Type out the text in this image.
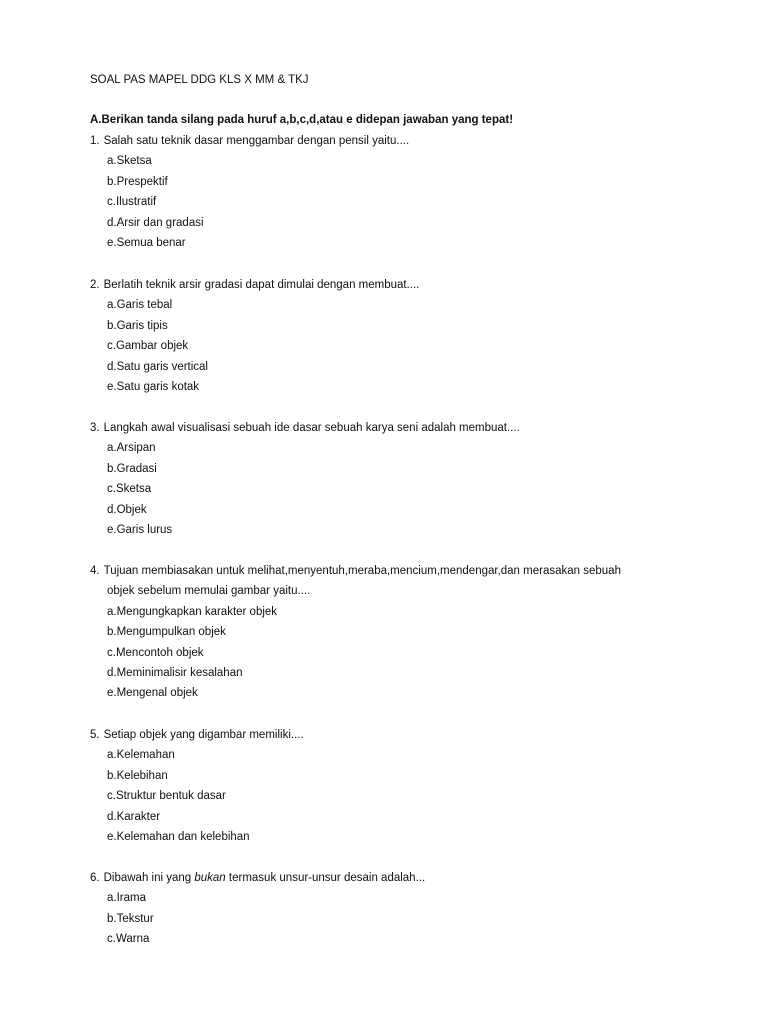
SOAL PAS MAPEL DDG KLS X MM & TKJ
A.Berikan tanda silang pada huruf a,b,c,d,atau e didepan jawaban yang tepat!
1. Salah satu teknik dasar menggambar dengan pensil yaitu....
a.Sketsa
b.Prespektif
c.Ilustratif
d.Arsir dan gradasi
e.Semua benar
2. Berlatih teknik arsir gradasi dapat dimulai dengan membuat....
a.Garis tebal
b.Garis tipis
c.Gambar objek
d.Satu garis vertical
e.Satu garis kotak
3. Langkah awal visualisasi sebuah ide dasar sebuah karya seni adalah membuat....
a.Arsipan
b.Gradasi
c.Sketsa
d.Objek
e.Garis lurus
4. Tujuan membiasakan untuk melihat,menyentuh,meraba,mencium,mendengar,dan merasakan sebuah
objek sebelum memulai gambar yaitu....
a.Mengungkapkan karakter objek
b.Mengumpulkan objek
c.Mencontoh objek
d.Meminimalisir kesalahan
e.Mengenal objek
5. Setiap objek yang digambar memiliki....
a.Kelemahan
b.Kelebihan
c.Struktur bentuk dasar
d.Karakter
e.Kelemahan dan kelebihan
6. Dibawah ini yang bukan termasuk unsur-unsur desain adalah...
a.Irama
b.Tekstur
c.Warna
